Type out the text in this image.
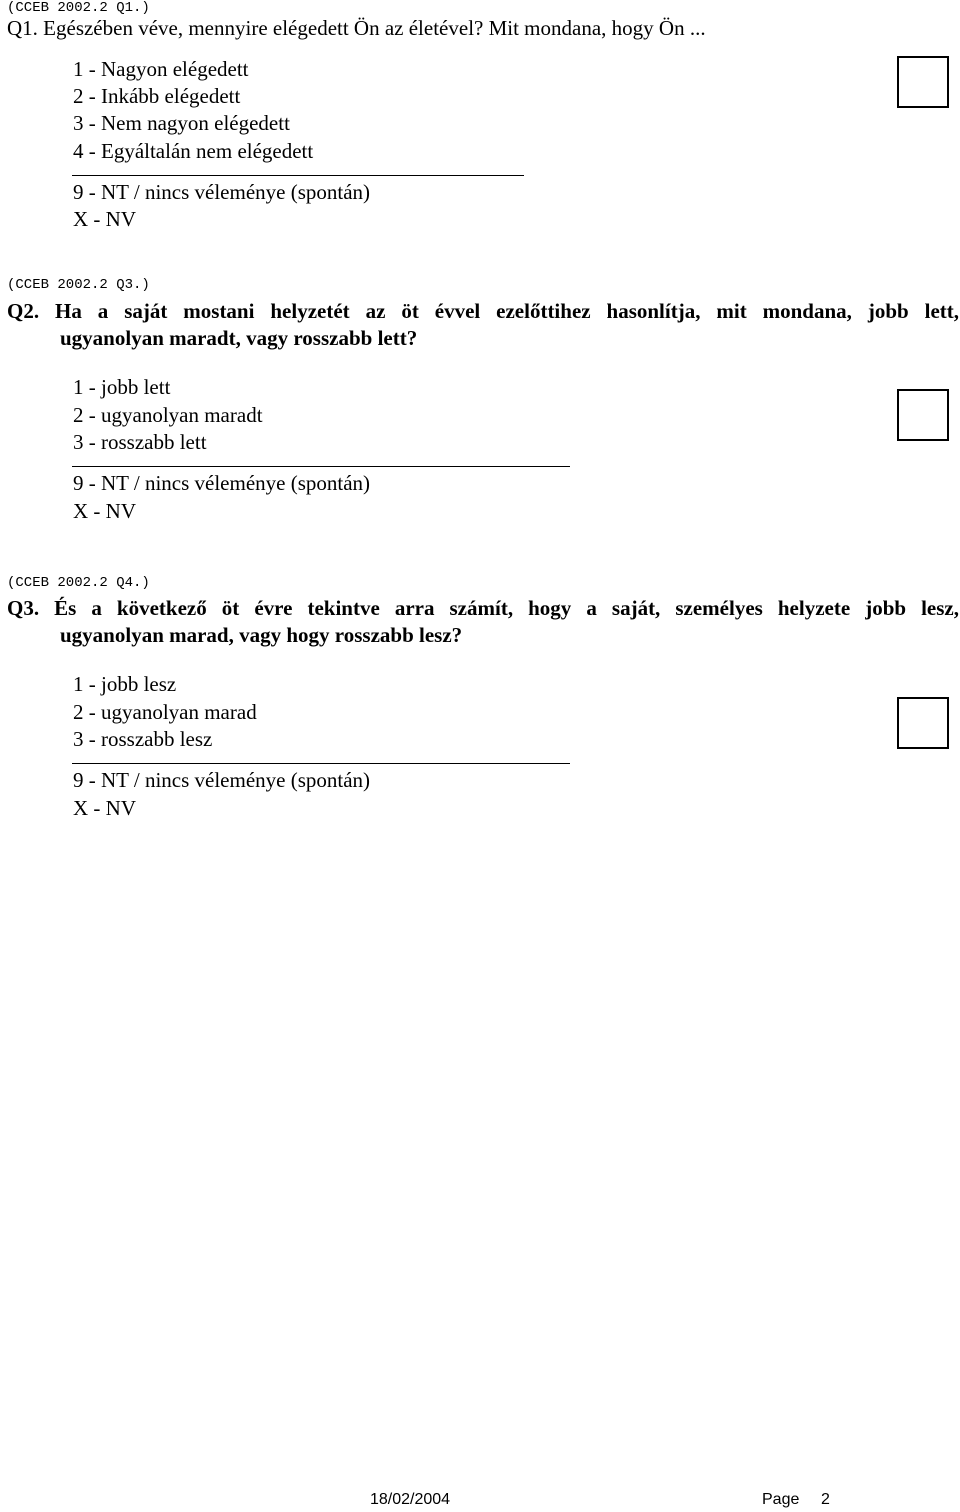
(CCEB 2002.2 Q1.)
Q1. Egészében véve, mennyire elégedett Ön az életével? Mit mondana, hogy Ön ...
1 - Nagyon elégedett
2 - Inkább elégedett
3 - Nem nagyon elégedett
4 - Egyáltalán nem elégedett
9 - NT / nincs véleménye (spontán)
X - NV
(CCEB 2002.2 Q3.)
Q2. Ha a saját mostani helyzetét az öt évvel ezelőttihez hasonlítja, mit mondana, jobb lett,
ugyanolyan maradt, vagy rosszabb lett?
1 - jobb lett
2 - ugyanolyan maradt
3 - rosszabb lett
9 - NT / nincs véleménye (spontán)
X - NV
(CCEB 2002.2 Q4.)
Q3. És a következő öt évre tekintve arra számít, hogy a saját, személyes helyzete jobb lesz,
ugyanolyan marad, vagy hogy rosszabb lesz?
1 - jobb lesz
2 - ugyanolyan marad
3 - rosszabb lesz
9 - NT / nincs véleménye (spontán)
X - NV
18/02/2004	Page 2
